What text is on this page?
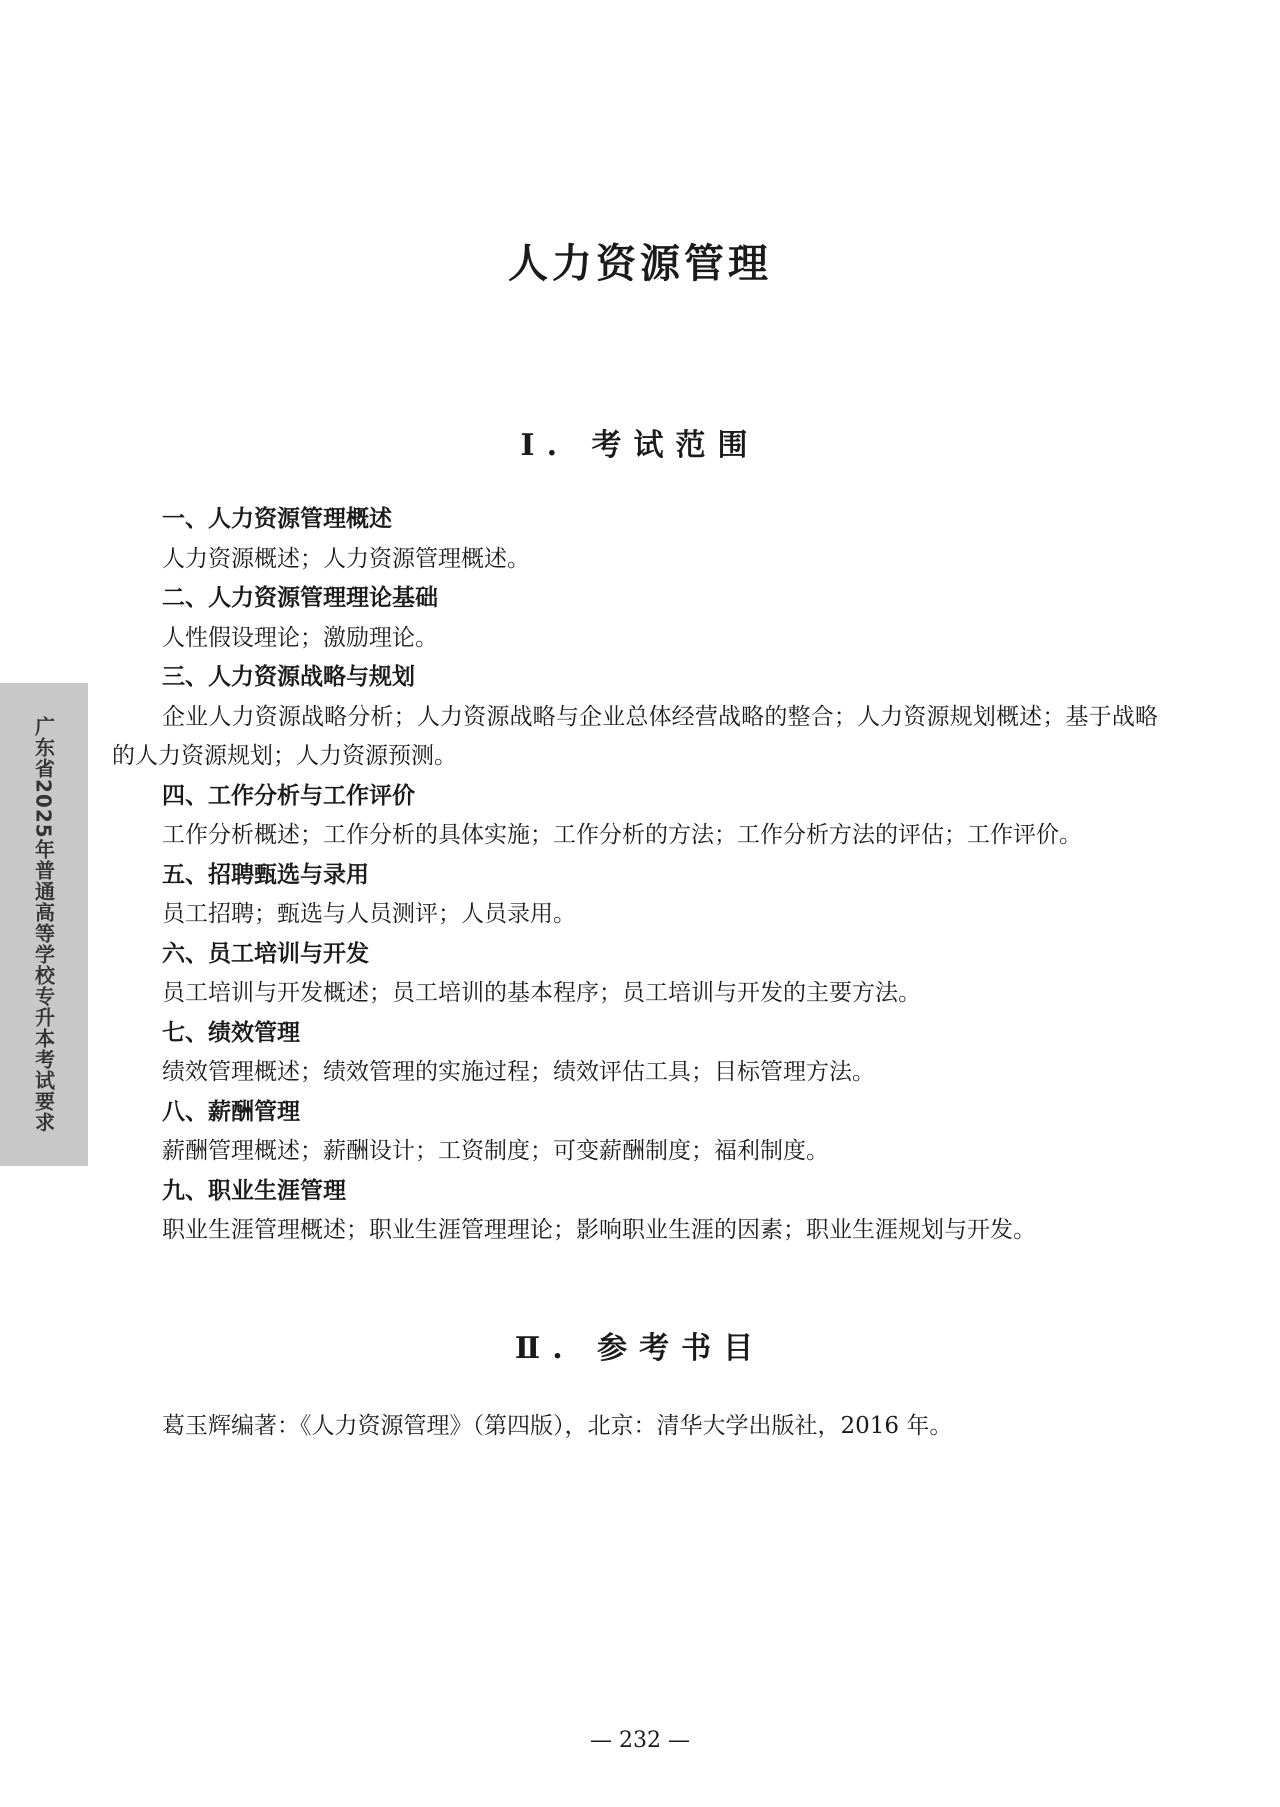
人力资源管理
Ⅰ. 考试范围

一、人力资源管理概述

人力资源概述；人力资源管理概述。

二、人力资源管理理论基础

人性假设理论；激励理论。

三、人力资源战略与规划

企业人力资源战略分析；人力资源战略与企业总体经营战略的整合；人力资源规划概述；基于战略的人力资源规划；人力资源预测。

四、工作分析与工作评价

工作分析概述；工作分析的具体实施；工作分析的方法；工作分析方法的评估；工作评价。

五、招聘甄选与录用

员工招聘；甄选与人员测评；人员录用。

六、员工培训与开发

员工培训与开发概述；员工培训的基本程序；员工培训与开发的主要方法。

七、绩效管理

绩效管理概述；绩效管理的实施过程；绩效评估工具；目标管理方法。

八、薪酬管理

薪酬管理概述；薪酬设计；工资制度；可变薪酬制度；福利制度。

九、职业生涯管理

职业生涯管理概述；职业生涯管理理论；影响职业生涯的因素；职业生涯规划与开发。

Ⅱ. 参考书目
葛玉辉编著：《人力资源管理》（第四版），北京：清华大学出版社，2016 年。
— 232 —
广东省2025年普通高等学校专升本考试要求
